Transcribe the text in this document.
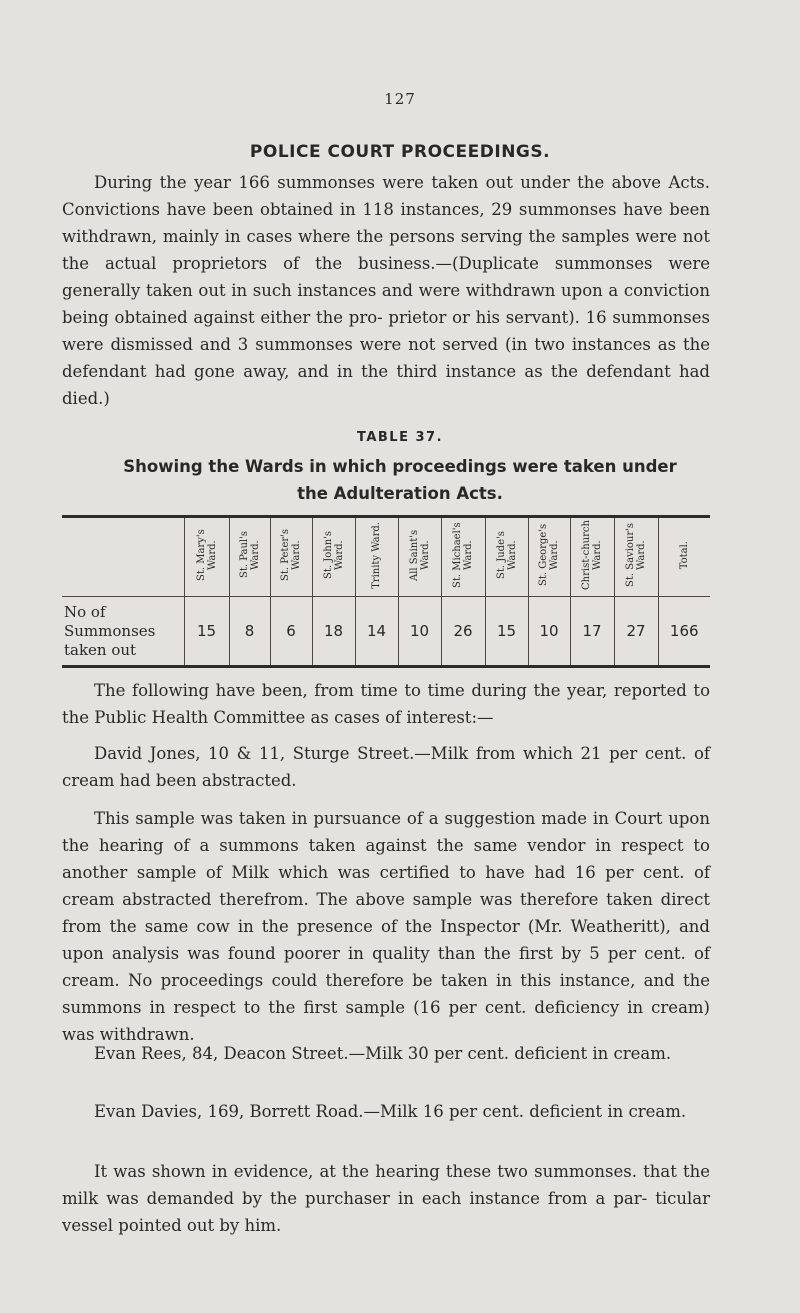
127
POLICE COURT PROCEEDINGS.
During the year 166 summonses were taken out under the above Acts. Convictions have been obtained in 118 instances, 29 summonses have been withdrawn, mainly in cases where the persons serving the samples were not the actual proprietors of the business.—(Duplicate summonses were generally taken out in such instances and were withdrawn upon a conviction being obtained against either the pro- prietor or his servant). 16 summonses were dismissed and 3 summonses were not served (in two instances as the defendant had gone away, and in the third instance as the defendant had died.)
TABLE 37.
Showing the Wards in which proceedings were taken under the Adulteration Acts.
	St. Mary's Ward.	St. Paul's Ward.	St. Peter's Ward.	St. John's Ward.	Trinity Ward.	All Saint's Ward.	St. Michael's Ward.	St. Jude's Ward.	St. George's Ward.	Christ-church Ward.	St. Saviour's Ward.	Total.
No of Summonses taken out	15	8	6	18	14	10	26	15	10	17	27	166
The following have been, from time to time during the year, reported to the Public Health Committee as cases of interest:—
David Jones, 10 & 11, Sturge Street.—Milk from which 21 per cent. of cream had been abstracted.
This sample was taken in pursuance of a suggestion made in Court upon the hearing of a summons taken against the same vendor in respect to another sample of Milk which was certified to have had 16 per cent. of cream abstracted therefrom. The above sample was therefore taken direct from the same cow in the presence of the Inspector (Mr. Weatheritt), and upon analysis was found poorer in quality than the first by 5 per cent. of cream. No proceedings could therefore be taken in this instance, and the summons in respect to the first sample (16 per cent. deficiency in cream) was withdrawn.
Evan Rees, 84, Deacon Street.—Milk 30 per cent. deficient in cream.
Evan Davies, 169, Borrett Road.—Milk 16 per cent. deficient in cream.
It was shown in evidence, at the hearing these two summonses. that the milk was demanded by the purchaser in each instance from a par- ticular vessel pointed out by him.
